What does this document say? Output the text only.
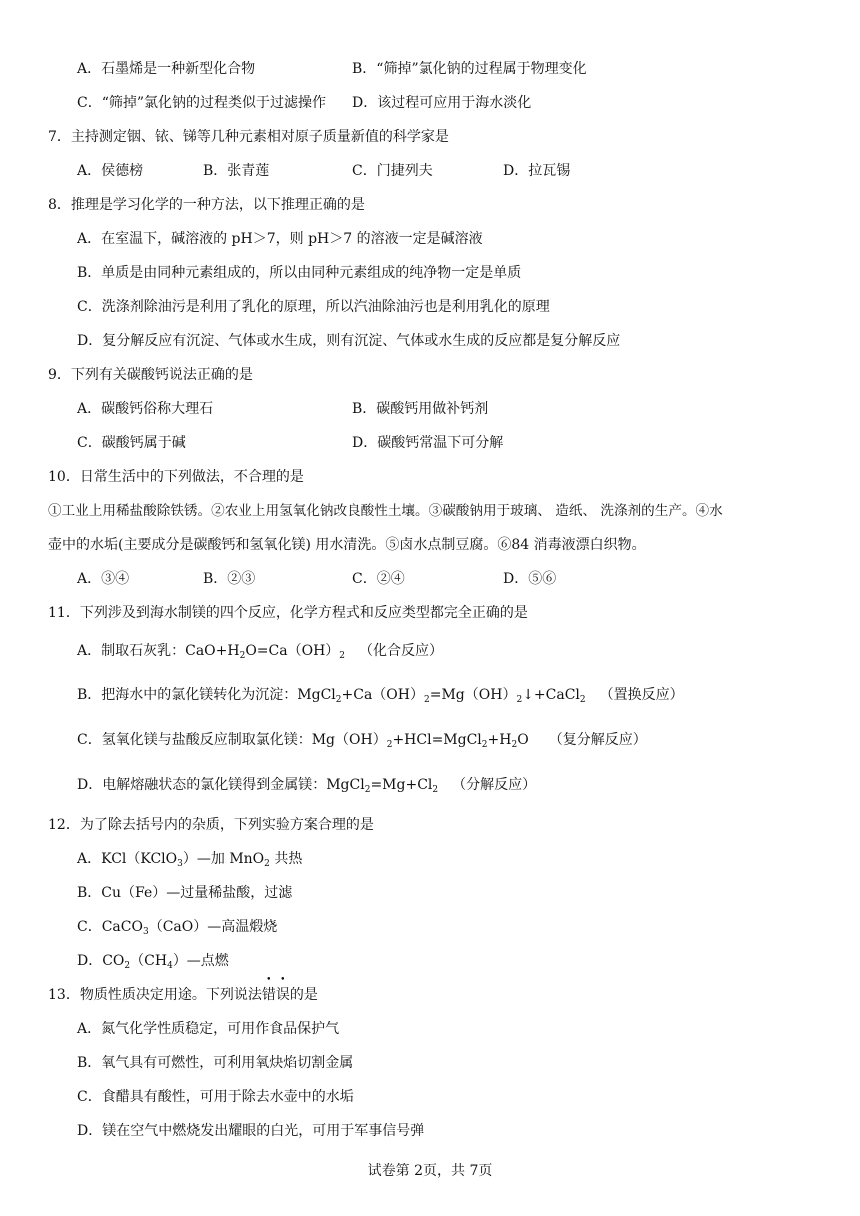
A．石墨烯是一种新型化合物	B．“筛掉”氯化钠的过程属于物理变化
C．“筛掉”氯化钠的过程类似于过滤操作 D．该过程可应用于海水淡化
7．主持测定铟、铱、锑等几种元素相对原子质量新值的科学家是
A．侯德榜	B．张青莲	C．门捷列夫	D．拉瓦锡
8．推理是学习化学的一种方法，以下推理正确的是
A．在室温下，碱溶液的 pH＞7，则 pH＞7 的溶液一定是碱溶液
B．单质是由同种元素组成的，所以由同种元素组成的纯净物一定是单质
C．洗涤剂除油污是利用了乳化的原理，所以汽油除油污也是利用乳化的原理
D．复分解反应有沉淀、气体或水生成，则有沉淀、气体或水生成的反应都是复分解反应
9．下列有关碳酸钙说法正确的是
A．碳酸钙俗称大理石	B．碳酸钙用做补钙剂
C．碳酸钙属于碱	D．碳酸钙常温下可分解
10．日常生活中的下列做法，不合理的是
①工业上用稀盐酸除铁锈。②农业上用氢氧化钠改良酸性土壤。③碳酸钠用于玻璃、 造纸、 洗涤剂的生产。④水
壶中的水垢(主要成分是碳酸钙和氢氧化镁) 用水清洗。⑤卤水点制豆腐。⑥84 消毒液漂白织物。
A．③④	B．②③	C．②④	D．⑤⑥
11．下列涉及到海水制镁的四个反应，化学方程式和反应类型都完全正确的是
A．制取石灰乳：$CaO+H_2O=Ca(OH)_2$ （化合反应）
B．把海水中的氯化镁转化为沉淀：$MgCl_2+Ca(OH)_2=Mg(OH)_2↓+CaCl_2$ （置换反应）
C．氢氧化镁与盐酸反应制取氯化镁：$Mg(OH)_2+HCl=MgCl_2+H_2O$ （复分解反应）
D．电解熔融状态的氯化镁得到金属镁：$MgCl_2=Mg+Cl_2$ （分解反应）
12．为了除去括号内的杂质，下列实验方案合理的是
A．KCl（KClO$_3$）—加 MnO$_2$ 共热
B．Cu（Fe）—过量稀盐酸，过滤
C．CaCO$_3$（CaO）—高温煅烧
D．$CO_2(CH_4)—$点燃
13．物质性质决定用途。下列说法错误的是
A．氮气化学性质稳定，可用作食品保护气
B．氧气具有可燃性，可利用氧炔焰切割金属
C．食醋具有酸性，可用于除去水壶中的水垢
D．镁在空气中燃烧发出耀眼的白光，可用于军事信号弹
试卷第 2页，共 7页
